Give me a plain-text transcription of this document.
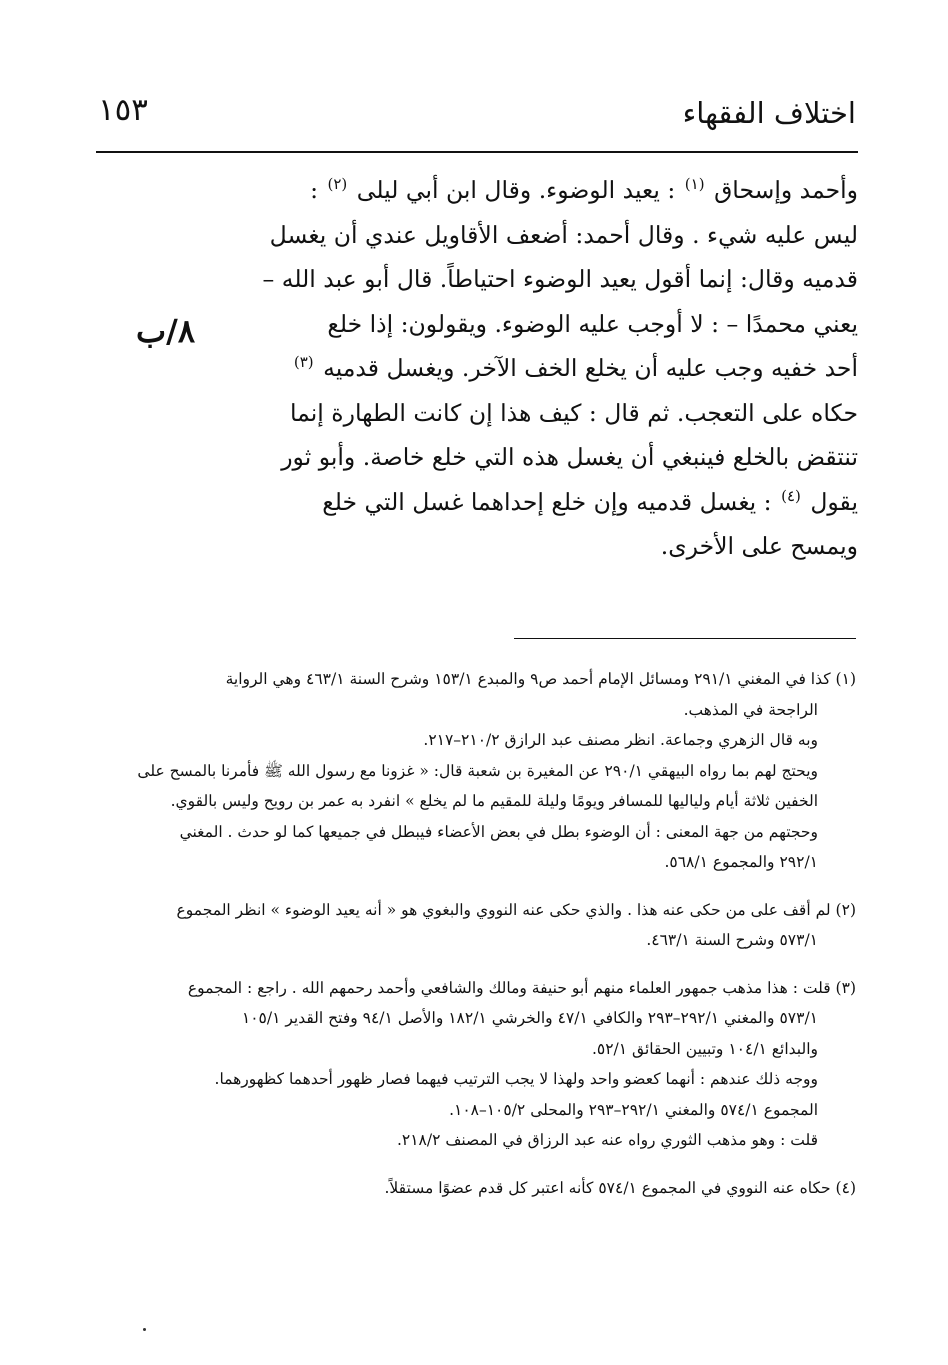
اختلاف الفقهاء
١٥٣
٨/ب
وأحمد وإسحاق $^{(١)}$ : يعيد الوضوء. وقال ابن أبي ليلى $^{(٢)}$ :
ليس عليه شيء . وقال أحمد: أضعف الأقاويل عندي أن يغسل
قدميه وقال: إنما أقول يعيد الوضوء احتياطاً. قال أبو عبد الله –
يعني محمدًا – : لا أوجب عليه الوضوء. ويقولون: إذا خلع
أحد خفيه وجب عليه أن يخلع الخف الآخر. ويغسل قدميه $^{(٣)}$
حكاه على التعجب. ثم قال : كيف هذا إن كانت الطهارة إنما
تنتقض بالخلع فينبغي أن يغسل هذه التي خلع خاصة. وأبو ثور
يقول $^{(٤)}$ : يغسل قدميه وإن خلع إحداهما غسل التي خلع
ويمسح على الأخرى.
(١) كذا في المغني ٢٩١/١ ومسائل الإمام أحمد ص٩ والمبدع ١٥٣/١ وشرح السنة ٤٦٣/١ وهي الرواية
الراجحة في المذهب.
وبه قال الزهري وجماعة. انظر مصنف عبد الرازق ٢١٠/٢–٢١٧.
ويحتج لهم بما رواه البيهقي ٢٩٠/١ عن المغيرة بن شعبة قال: « غزونا مع رسول الله ﷺ فأمرنا بالمسح على
الخفين ثلاثة أيام ولياليها للمسافر ويومًا وليلة للمقيم ما لم يخلع » انفرد به عمر بن رويح وليس بالقوي.
وحجتهم من جهة المعنى : أن الوضوء بطل في بعض الأعضاء فيبطل في جميعها كما لو حدث . المغني
٢٩٢/١ والمجموع ٥٦٨/١.
(٢) لم أقف على من حكى عنه هذا . والذي حكى عنه النووي والبغوي هو « أنه يعيد الوضوء » انظر المجموع
٥٧٣/١ وشرح السنة ٤٦٣/١.
(٣) قلت : هذا مذهب جمهور العلماء منهم أبو حنيفة ومالك والشافعي وأحمد رحمهم الله . راجع : المجموع
٥٧٣/١ والمغني ٢٩٢/١–٢٩٣ والكافي ٤٧/١ والخرشي ١٨٢/١ والأصل ٩٤/١ وفتح القدير ١٠٥/١
والبدائع ١٠٤/١ وتبيين الحقائق ٥٢/١.
ووجه ذلك عندهم : أنهما كعضو واحد ولهذا لا يجب الترتيب فيهما فصار ظهور أحدهما كظهورهما.
المجموع ٥٧٤/١ والمغني ٢٩٢/١–٢٩٣ والمحلى ١٠٥/٢–١٠٨.
قلت : وهو مذهب الثوري رواه عنه عبد الرزاق في المصنف ٢١٨/٢.
(٤) حكاه عنه النووي في المجموع ٥٧٤/١ كأنه اعتبر كل قدم عضوًا مستقلاً.
